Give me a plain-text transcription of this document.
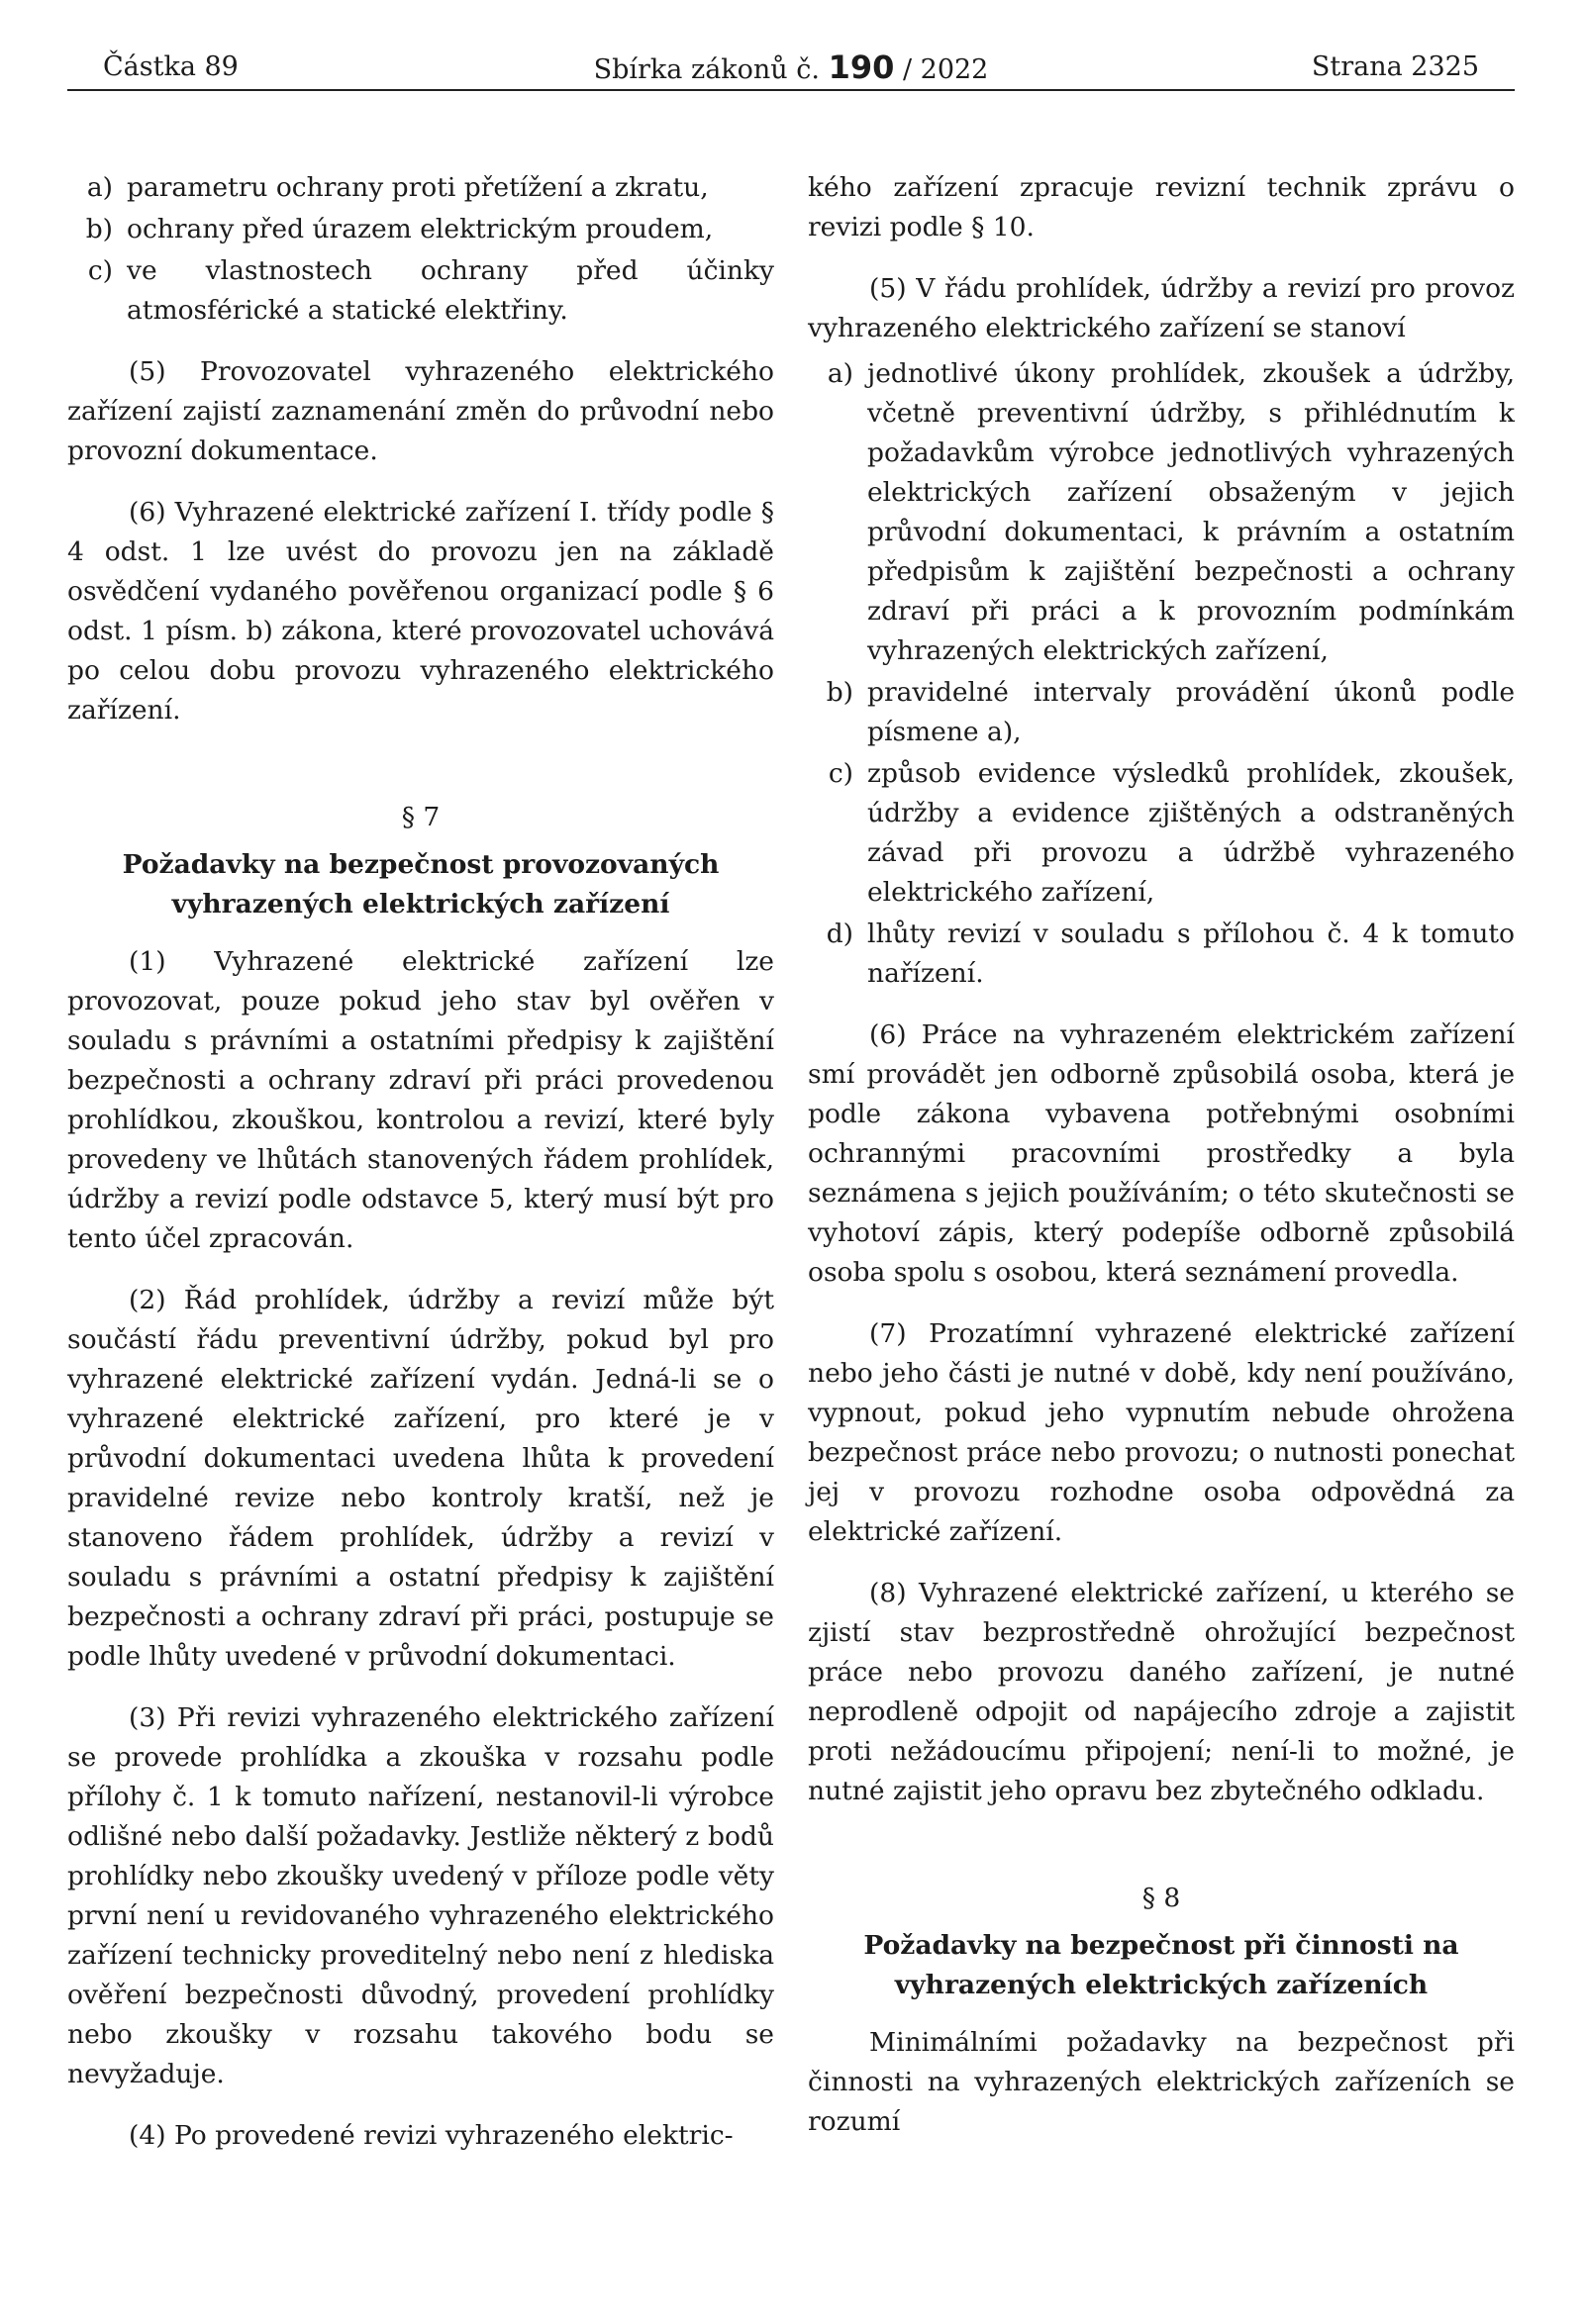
Částka 89	Sbírka zákonů č. 190 / 2022	Strana 2325
a) parametru ochrany proti přetížení a zkratu,
b) ochrany před úrazem elektrickým proudem,
c) ve vlastnostech ochrany před účinky atmosférické a statické elektřiny.

(5) Provozovatel vyhrazeného elektrického zařízení zajistí zaznamenání změn do průvodní nebo provozní dokumentace.

(6) Vyhrazené elektrické zařízení I. třídy podle § 4 odst. 1 lze uvést do provozu jen na základě osvědčení vydaného pověřenou organizací podle § 6 odst. 1 písm. b) zákona, které provozovatel uchovává po celou dobu provozu vyhrazeného elektrického zařízení.

§ 7
Požadavky na bezpečnost provozovaných vyhrazených elektrických zařízení

(1) Vyhrazené elektrické zařízení lze provozovat, pouze pokud jeho stav byl ověřen v souladu s právními a ostatními předpisy k zajištění bezpečnosti a ochrany zdraví při práci provedenou prohlídkou, zkouškou, kontrolou a revizí, které byly provedeny ve lhůtách stanovených řádem prohlídek, údržby a revizí podle odstavce 5, který musí být pro tento účel zpracován.

(2) Řád prohlídek, údržby a revizí může být součástí řádu preventivní údržby, pokud byl pro vyhrazené elektrické zařízení vydán. Jedná-li se o vyhrazené elektrické zařízení, pro které je v průvodní dokumentaci uvedena lhůta k provedení pravidelné revize nebo kontroly kratší, než je stanoveno řádem prohlídek, údržby a revizí v souladu s právními a ostatní předpisy k zajištění bezpečnosti a ochrany zdraví při práci, postupuje se podle lhůty uvedené v průvodní dokumentaci.

(3) Při revizi vyhrazeného elektrického zařízení se provede prohlídka a zkouška v rozsahu podle přílohy č. 1 k tomuto nařízení, nestanovil-li výrobce odlišné nebo další požadavky. Jestliže některý z bodů prohlídky nebo zkoušky uvedený v příloze podle věty první není u revidovaného vyhrazeného elektrického zařízení technicky proveditelný nebo není z hlediska ověření bezpečnosti důvodný, provedení prohlídky nebo zkoušky v rozsahu takového bodu se nevyžaduje.

(4) Po provedené revizi vyhrazeného elektric-

kého zařízení zpracuje revizní technik zprávu o revizi podle § 10.

(5) V řádu prohlídek, údržby a revizí pro provoz vyhrazeného elektrického zařízení se stanoví

a) jednotlivé úkony prohlídek, zkoušek a údržby, včetně preventivní údržby, s přihlédnutím k požadavkům výrobce jednotlivých vyhrazených elektrických zařízení obsaženým v jejich průvodní dokumentaci, k právním a ostatním předpisům k zajištění bezpečnosti a ochrany zdraví při práci a k provozním podmínkám vyhrazených elektrických zařízení,
b) pravidelné intervaly provádění úkonů podle písmene a),
c) způsob evidence výsledků prohlídek, zkoušek, údržby a evidence zjištěných a odstraněných závad při provozu a údržbě vyhrazeného elektrického zařízení,
d) lhůty revizí v souladu s přílohou č. 4 k tomuto nařízení.

(6) Práce na vyhrazeném elektrickém zařízení smí provádět jen odborně způsobilá osoba, která je podle zákona vybavena potřebnými osobními ochrannými pracovními prostředky a byla seznámena s jejich používáním; o této skutečnosti se vyhotoví zápis, který podepíše odborně způsobilá osoba spolu s osobou, která seznámení provedla.

(7) Prozatímní vyhrazené elektrické zařízení nebo jeho části je nutné v době, kdy není používáno, vypnout, pokud jeho vypnutím nebude ohrožena bezpečnost práce nebo provozu; o nutnosti ponechat jej v provozu rozhodne osoba odpovědná za elektrické zařízení.

(8) Vyhrazené elektrické zařízení, u kterého se zjistí stav bezprostředně ohrožující bezpečnost práce nebo provozu daného zařízení, je nutné neprodleně odpojit od napájecího zdroje a zajistit proti nežádoucímu připojení; není-li to možné, je nutné zajistit jeho opravu bez zbytečného odkladu.

§ 8
Požadavky na bezpečnost při činnosti na vyhrazených elektrických zařízeních

Minimálními požadavky na bezpečnost při činnosti na vyhrazených elektrických zařízeních se rozumí
